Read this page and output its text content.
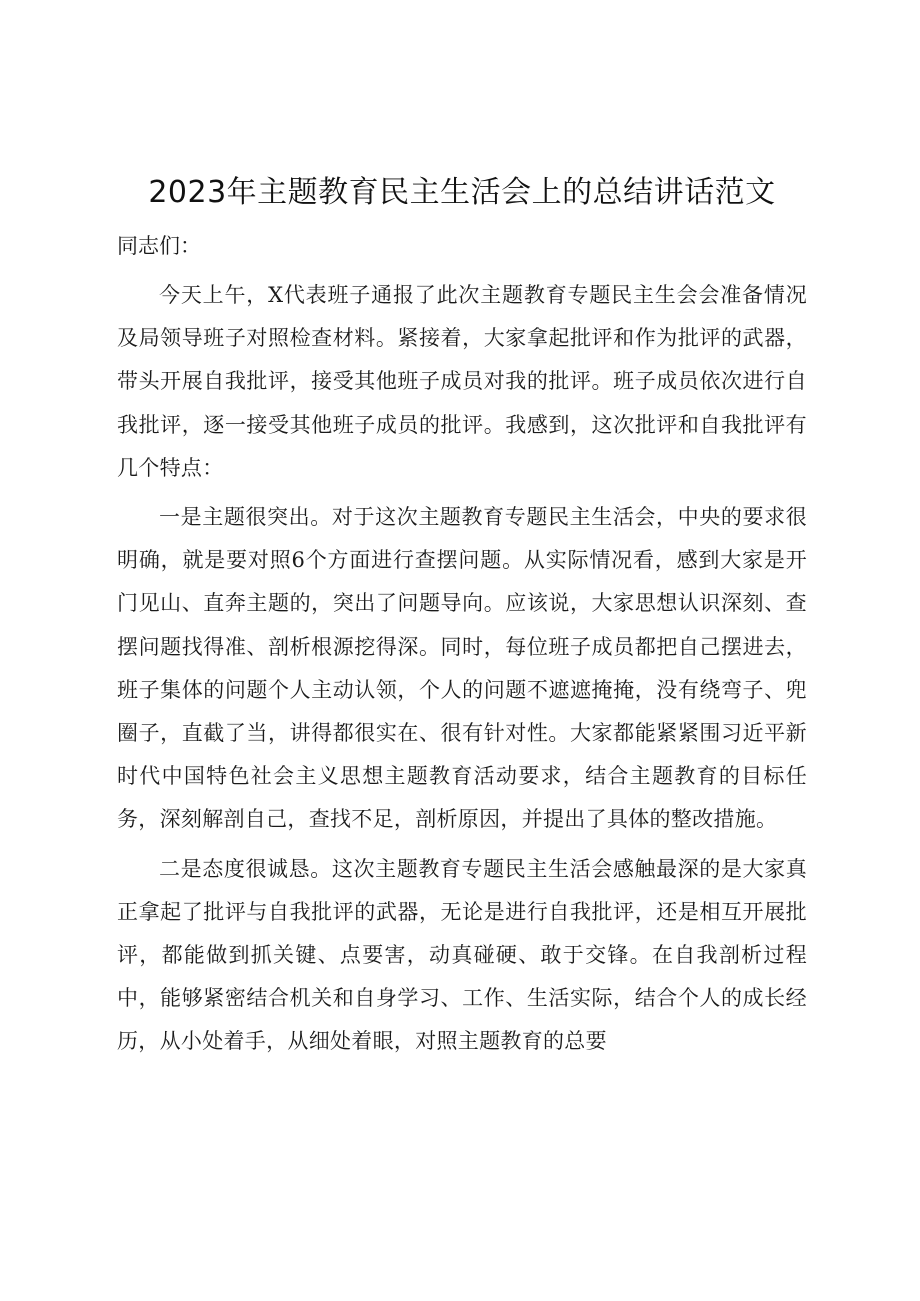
2023年主题教育民主生活会上的总结讲话范文

同志们：

今天上午，X代表班子通报了此次主题教育专题民主生会会准备情况及局领导班子对照检查材料。紧接着，大家拿起批评和作为批评的武器，带头开展自我批评，接受其他班子成员对我的批评。班子成员依次进行自我批评，逐一接受其他班子成员的批评。我感到，这次批评和自我批评有几个特点：

一是主题很突出。对于这次主题教育专题民主生活会，中央的要求很明确，就是要对照6个方面进行查摆问题。从实际情况看，感到大家是开门见山、直奔主题的，突出了问题导向。应该说，大家思想认识深刻、查摆问题找得准、剖析根源挖得深。同时，每位班子成员都把自己摆进去，班子集体的问题个人主动认领，个人的问题不遮遮掩掩，没有绕弯子、兜圈子，直截了当，讲得都很实在、很有针对性。大家都能紧紧围习近平新时代中国特色社会主义思想主题教育活动要求，结合主题教育的目标任务，深刻解剖自己，查找不足，剖析原因，并提出了具体的整改措施。

二是态度很诚恳。这次主题教育专题民主生活会感触最深的是大家真正拿起了批评与自我批评的武器，无论是进行自我批评，还是相互开展批评，都能做到抓关键、点要害，动真碰硬、敢于交锋。在自我剖析过程中，能够紧密结合机关和自身学习、工作、生活实际，结合个人的成长经历，从小处着手，从细处着眼，对照主题教育的总要
